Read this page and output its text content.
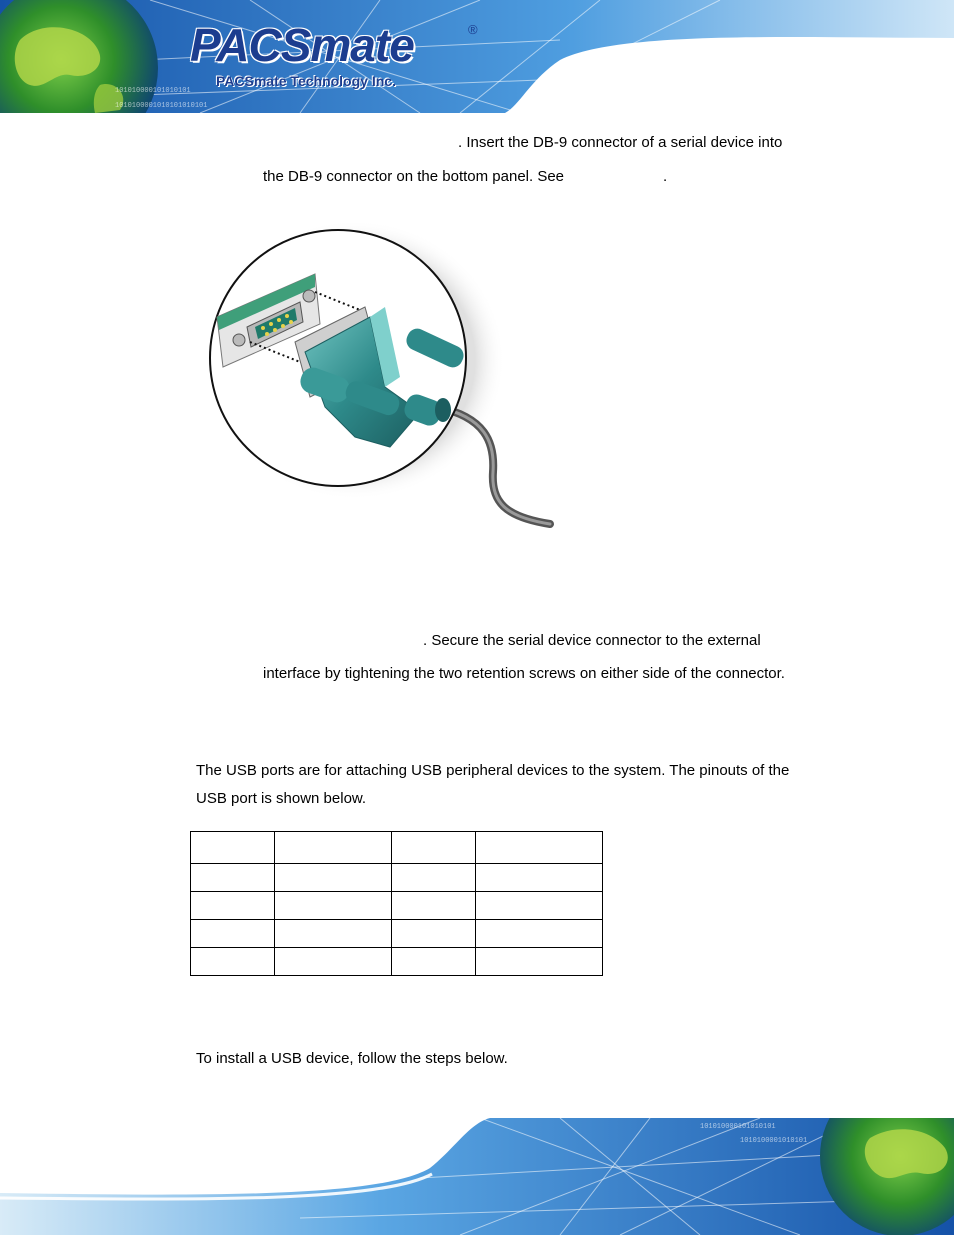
101010000101010101
1010100001010101010101
PACSmate	®
PACSmate Technology Inc.
. Insert the DB-9 connector of a serial device into
the DB-9 connector on the bottom panel. See	.
. Secure the serial device connector to the external
interface by tightening the two retention screws on either side of the connector.
The USB ports are for attaching USB peripheral devices to the system. The pinouts of the
USB port is shown below.

To install a USB device, follow the steps below.
101010000101010101
1010100001010101
